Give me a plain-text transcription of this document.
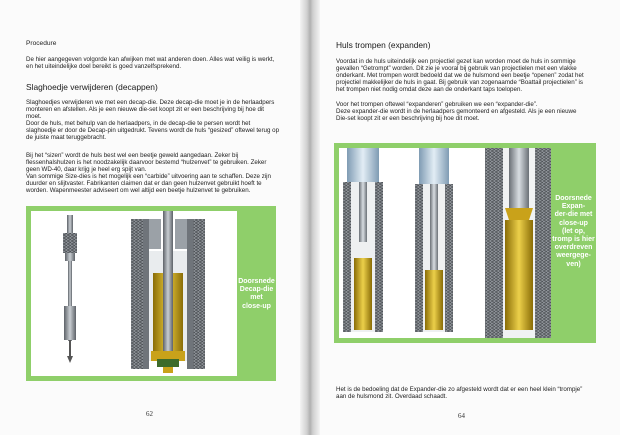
Procedure

De hier aangegeven volgorde kan afwijken met wat anderen doen. Alles wat veilig is werkt,

en het uiteindelijke doel bereikt is goed vanzelfsprekend.

Slaghoedje verwijderen (decappen)

Slaghoedjes verwijderen we met een decap-die. Deze decap-die moet je in de herlaadpers

monteren en afstellen. Als je een nieuwe die-set koopt zit er een beschrijving bij hoe dit

moet.

Door de huls, met behulp van de herlaadpers, in de decap-die te persen wordt het

slaghoedje er door de Decap-pin uitgedrukt. Tevens wordt de huls “gesized” oftewel terug op

de juiste maat teruggebracht.

Bij het “sizen” wordt de huls best wel een beetje geweld aangedaan. Zeker bij

flessenhalshulzen is het noodzakelijk daarvoor bestemd “hulzenvet” te gebruiken. Zeker

geen WD-40, daar krijg je heel erg spijt van.

Van sommige Size-dies is het mogelijk een “carbide” uitvoering aan te schaffen. Deze zijn

duurder en slijtvaster. Fabrikanten claimen dat er dan geen hulzenvet gebruikt hoeft te

worden. Wapenmeester adviseert om wel altijd een beetje hulzenvet te gebruiken.

Doorsnede
Decap-die
met
close-up
62

Huls trompen (expanden)

Voordat in de huls uiteindelijk een projectiel gezet kan worden moet de huls in sommige

gevallen “Getrompt” worden. Dit zie je vooral bij gebruik van projectielen met een vlakke

onderkant. Met trompen wordt bedoeld dat we de hulsmond een beetje “openen” zodat het

projectiel makkelijker de huls in gaat. Bij gebruik van zogenaamde “Boattail projectielen” is

het trompen niet nodig omdat deze aan de onderkant taps toelopen.

Voor het trompen oftewel “expanderen” gebruiken we een “expander-die”.

Deze expander-die wordt in de herlaadpers gemonteerd en afgesteld. Als je een nieuwe

Die-set koopt zit er een beschrijving bij hoe dit moet.

Doorsnede
Expan-
der-die met
close-up
(let op,
tromp is hier
overdreven
weergege-
ven)

Het is de bedoeling dat de Expander-die zo afgesteld wordt dat er een heel klein “trompje”

aan de hulsmond zit. Overdaad schaadt.

64
